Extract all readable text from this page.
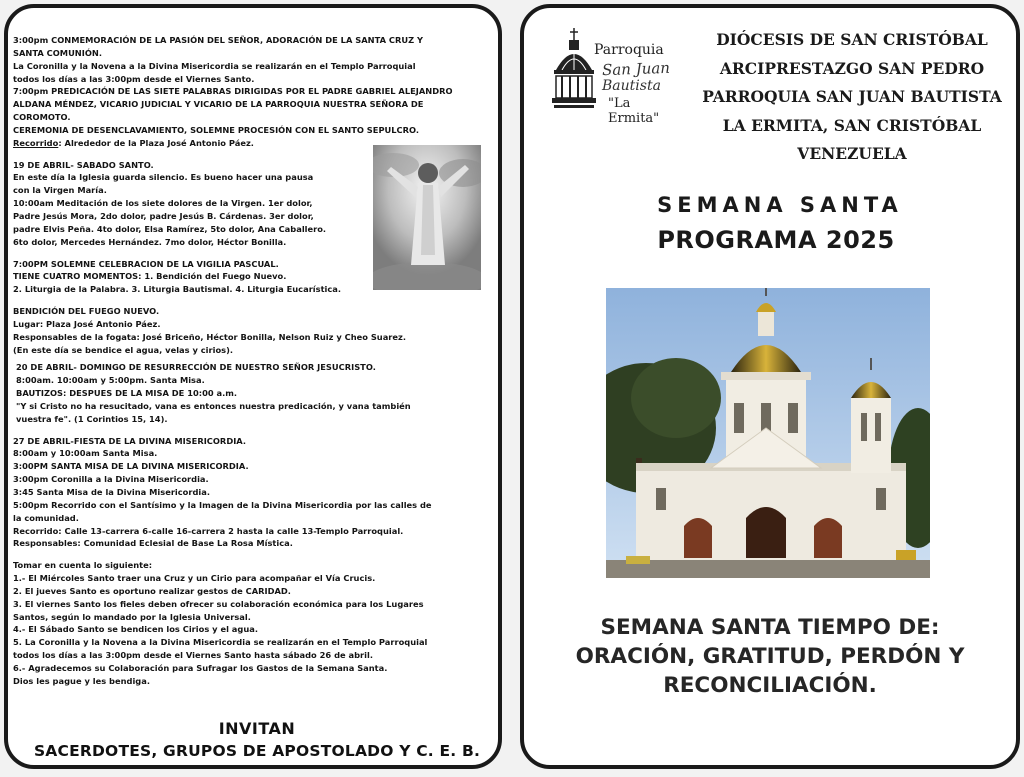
3:00pm CONMEMORACIÓN DE LA PASIÓN DEL SEÑOR, ADORACIÓN DE LA SANTA CRUZ Y

SANTA COMUNIÓN.

La Coronilla y la Novena a la Divina Misericordia se realizarán en el Templo Parroquial

todos los días a las 3:00pm desde el Viernes Santo.

7:00pm PREDICACIÓN DE LAS SIETE PALABRAS DIRIGIDAS POR EL PADRE GABRIEL ALEJANDRO

ALDANA MÉNDEZ, VICARIO JUDICIAL Y VICARIO DE LA PARROQUIA NUESTRA SEÑORA DE

COROMOTO.

CEREMONIA DE DESENCLAVAMIENTO, SOLEMNE PROCESIÓN CON EL SANTO SEPULCRO.

Recorrido: Alrededor de la Plaza José Antonio Páez.

19 DE ABRIL- SABADO SANTO.

En este día la Iglesia guarda silencio. Es bueno hacer una pausa

con la Virgen María.

10:00am Meditación de los siete dolores de la Virgen. 1er dolor,

Padre Jesús Mora, 2do dolor, padre Jesús B. Cárdenas. 3er dolor,

padre Elvis Peña. 4to dolor, Elsa Ramírez, 5to dolor, Ana Caballero.

6to dolor, Mercedes Hernández. 7mo dolor, Héctor Bonilla.

7:00PM SOLEMNE CELEBRACION DE LA VIGILIA PASCUAL.

TIENE CUATRO MOMENTOS: 1. Bendición del Fuego Nuevo.

2. Liturgia de la Palabra. 3. Liturgia Bautismal. 4. Liturgia Eucarística.

BENDICIÓN DEL FUEGO NUEVO.

Lugar: Plaza José Antonio Páez.

Responsables de la fogata: José Briceño, Héctor Bonilla, Nelson Ruiz y Cheo Suarez.

(En este día se bendice el agua, velas y cirios).

20 DE ABRIL- DOMINGO DE RESURRECCIÓN DE NUESTRO SEÑOR JESUCRISTO.

8:00am. 10:00am y 5:00pm. Santa Misa.

BAUTIZOS: DESPUES DE LA MISA DE 10:00 a.m.

"Y si Cristo no ha resucitado, vana es entonces nuestra predicación, y vana también

vuestra fe". (1 Corintios 15, 14).

27 DE ABRIL-FIESTA DE LA DIVINA MISERICORDIA.

8:00am y 10:00am Santa Misa.

3:00PM SANTA MISA DE LA DIVINA MISERICORDIA.

3:00pm Coronilla a la Divina Misericordia.

3:45 Santa Misa de la Divina Misericordia.

5:00pm Recorrido con el Santísimo y la Imagen de la Divina Misericordia por las calles de

la comunidad.

Recorrido: Calle 13-carrera 6-calle 16-carrera 2 hasta la calle 13-Templo Parroquial.

Responsables: Comunidad Eclesial de Base La Rosa Mística.

Tomar en cuenta lo siguiente:

1.- El Miércoles Santo traer una Cruz y un Cirio para acompañar el Vía Crucis.

2. El jueves Santo es oportuno realizar gestos de CARIDAD.

3. El viernes Santo los fieles deben ofrecer su colaboración económica para los Lugares

Santos, según lo mandado por la Iglesia Universal.

4.- El Sábado Santo se bendicen los Cirios y el agua.

5. La Coronilla y la Novena a la Divina Misericordia se realizarán en el Templo Parroquial

todos los días a las 3:00pm desde el Viernes Santo hasta sábado 26 de abril.

6.- Agradecemos su Colaboración para Sufragar los Gastos de la Semana Santa.

Dios les pague y les bendiga.

INVITAN
SACERDOTES, GRUPOS DE APOSTOLADO Y C. E. B.
Parroquia
San Juan
Bautista
"La Ermita"
DIÓCESIS DE SAN CRISTÓBAL
ARCIPRESTAZGO SAN PEDRO
PARROQUIA SAN JUAN BAUTISTA
LA ERMITA, SAN CRISTÓBAL
VENEZUELA
SEMANA SANTA
PROGRAMA 2025
SEMANA SANTA TIEMPO DE:
ORACIÓN, GRATITUD, PERDÓN Y
RECONCILIACIÓN.
